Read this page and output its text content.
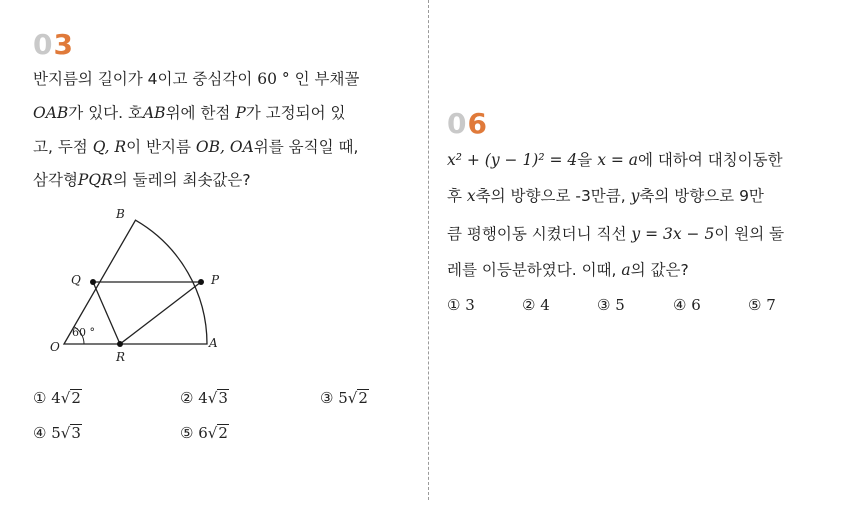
03
반지름의 길이가 4이고 중심각이 60 ° 인 부채꼴
OAB가 있다. 호AB위에 한점 P가 고정되어 있
고, 두점 Q, R이 반지름 OB, OA위를 움직일 때,
삼각형PQR의 둘레의 최솟값은?
B
Q	P
O
R
A
60 °
① 4√2	② 4√3	③ 5√2
④ 5√3	⑤ 6√2
06
x² + (y − 1)² = 4을 x = a에 대하여 대칭이동한
후 x축의 방향으로 -3만큼, y축의 방향으로 9만
큼 평행이동 시켰더니 직선 y = 3x − 5이 원의 둘
레를 이등분하였다. 이때, a의 값은?
① 3	② 4	③ 5	④ 6	⑤ 7
